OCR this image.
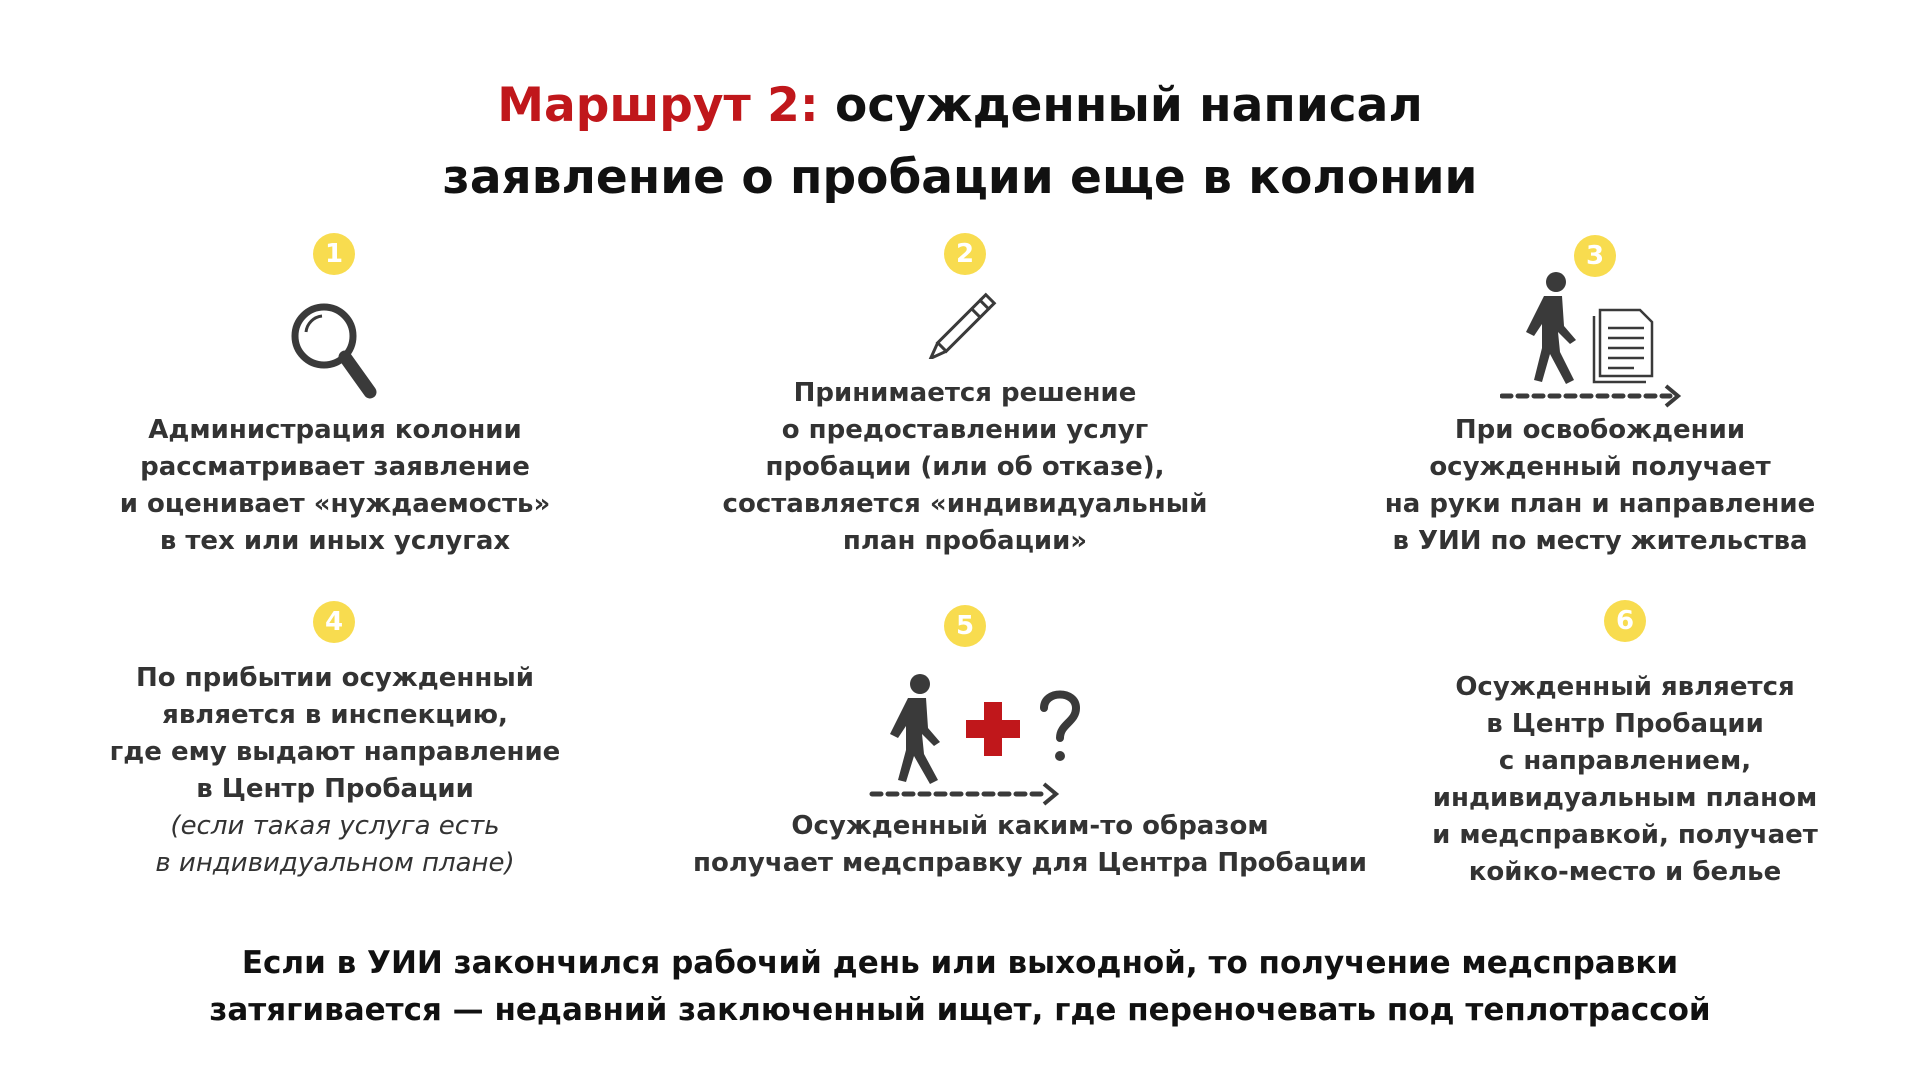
Маршрут 2: осужденный написал
заявление о пробации еще в колонии
1
Администрация колонии
рассматривает заявление
и оценивает «нуждаемость»
в тех или иных услугах
2
Принимается решение
о предоставлении услуг
пробации (или об отказе),
составляется «индивидуальный
план пробации»
3
При освобождении
осужденный получает
на руки план и направление
в УИИ по месту жительства
4
По прибытии осужденный
является в инспекцию,
где ему выдают направление
в Центр Пробации
(если такая услуга есть
в индивидуальном плане)
5
Осужденный каким-то образом
получает медсправку для Центра Пробации
6
Осужденный является
в Центр Пробации
с направлением,
индивидуальным планом
и медсправкой, получает
койко-место и белье
Если в УИИ закончился рабочий день или выходной, то получение медсправки
затягивается — недавний заключенный ищет, где переночевать под теплотрассой
